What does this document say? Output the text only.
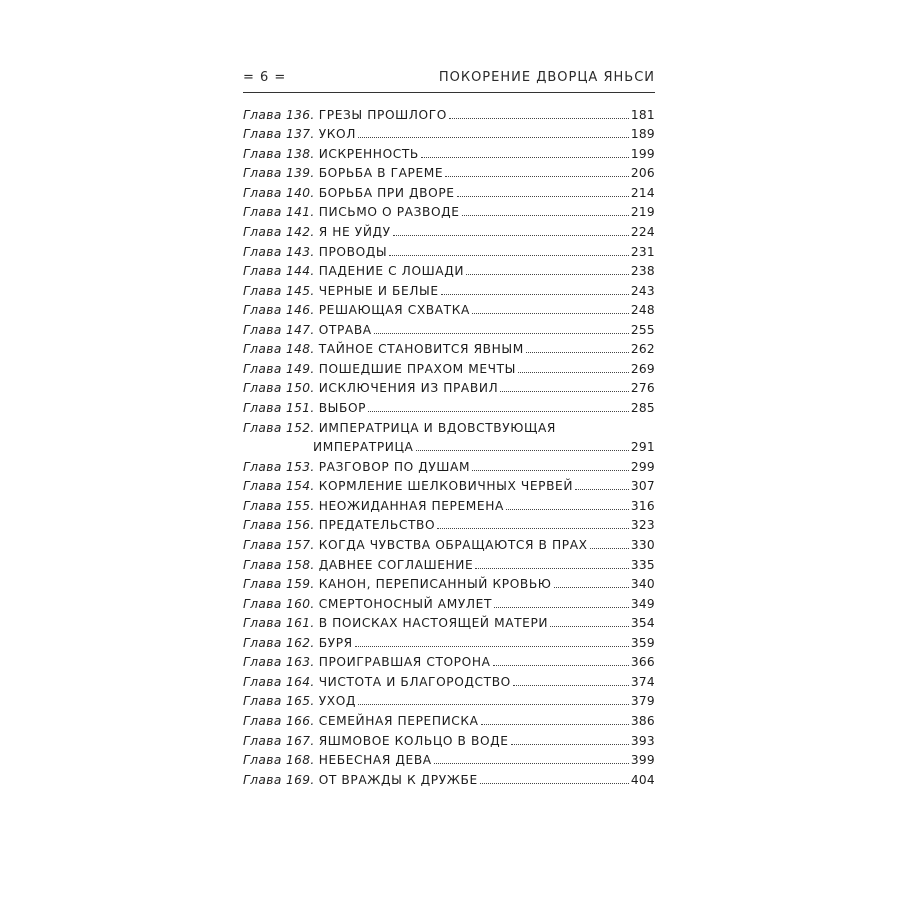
= 6 =	ПОКОРЕНИЕ ДВОРЦА ЯНЬСИ
Глава 136. ГРЕЗЫ ПРОШЛОГО	181
Глава 137. УКОЛ	189
Глава 138. ИСКРЕННОСТЬ	199
Глава 139. БОРЬБА В ГАРЕМЕ	206
Глава 140. БОРЬБА ПРИ ДВОРЕ	214
Глава 141. ПИСЬМО О РАЗВОДЕ	219
Глава 142. Я НЕ УЙДУ	224
Глава 143. ПРОВОДЫ	231
Глава 144. ПАДЕНИЕ С ЛОШАДИ	238
Глава 145. ЧЕРНЫЕ И БЕЛЫЕ	243
Глава 146. РЕШАЮЩАЯ СХВАТКА	248
Глава 147. ОТРАВА	255
Глава 148. ТАЙНОЕ СТАНОВИТСЯ ЯВНЫМ	262
Глава 149. ПОШЕДШИЕ ПРАХОМ МЕЧТЫ	269
Глава 150. ИСКЛЮЧЕНИЯ ИЗ ПРАВИЛ	276
Глава 151. ВЫБОР	285
Глава 152. ИМПЕРАТРИЦА И ВДОВСТВУЮЩАЯ
ИМПЕРАТРИЦА	291
Глава 153. РАЗГОВОР ПО ДУШАМ	299
Глава 154. КОРМЛЕНИЕ ШЕЛКОВИЧНЫХ ЧЕРВЕЙ	307
Глава 155. НЕОЖИДАННАЯ ПЕРЕМЕНА	316
Глава 156. ПРЕДАТЕЛЬСТВО	323
Глава 157. КОГДА ЧУВСТВА ОБРАЩАЮТСЯ В ПРАХ	330
Глава 158. ДАВНЕЕ СОГЛАШЕНИЕ	335
Глава 159. КАНОН, ПЕРЕПИСАННЫЙ КРОВЬЮ	340
Глава 160. СМЕРТОНОСНЫЙ АМУЛЕТ	349
Глава 161. В ПОИСКАХ НАСТОЯЩЕЙ МАТЕРИ	354
Глава 162. БУРЯ	359
Глава 163. ПРОИГРАВШАЯ СТОРОНА	366
Глава 164. ЧИСТОТА И БЛАГОРОДСТВО	374
Глава 165. УХОД	379
Глава 166. СЕМЕЙНАЯ ПЕРЕПИСКА	386
Глава 167. ЯШМОВОЕ КОЛЬЦО В ВОДЕ	393
Глава 168. НЕБЕСНАЯ ДЕВА	399
Глава 169. ОТ ВРАЖДЫ К ДРУЖБЕ	404
